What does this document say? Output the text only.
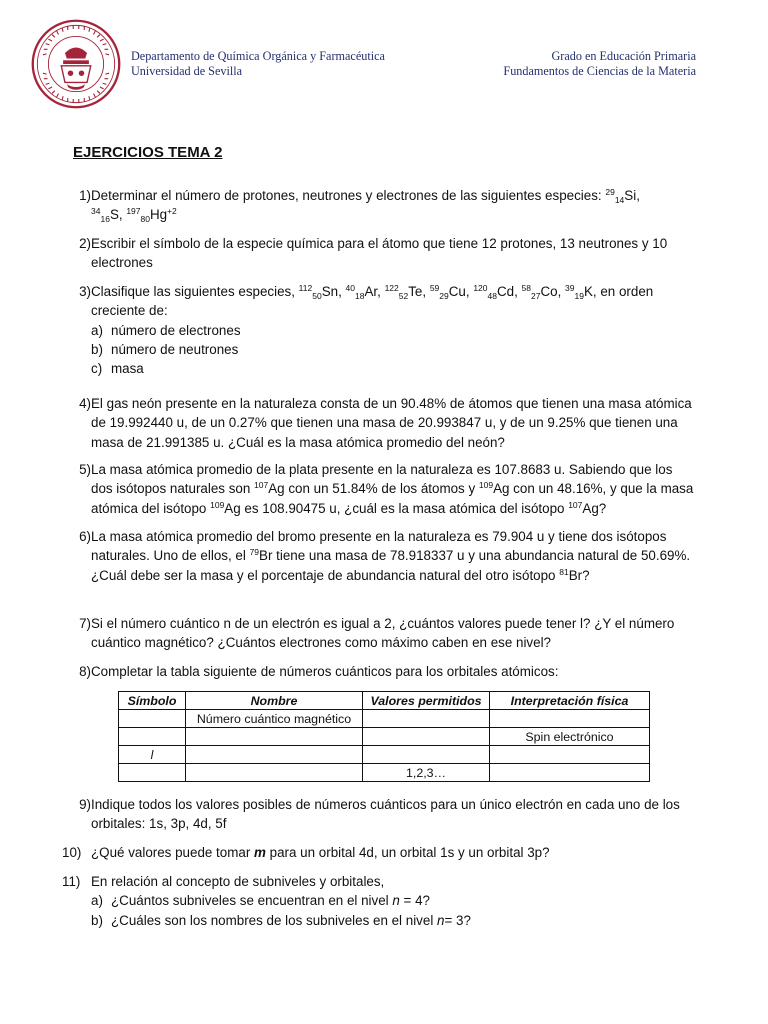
Departamento de Química Orgánica y Farmacéutica
Universidad de Sevilla
Grado en Educación Primaria
Fundamentos de Ciencias de la Materia
EJERCICIOS TEMA 2
1) Determinar el número de protones, neutrones y electrones de las siguientes especies: $^{29}_{14}$Si,
$^{34}_{16}$S, $^{197}_{80}Hg^{+2}$
2) Escribir el símbolo de la especie química para el átomo que tiene 12 protones, 13 neutrones y 10 electrones
3) Clasifique las siguientes especies, $^{112}_{50}$Sn, $^{40}_{18}$Ar, $^{122}_{52}$Te, $^{59}_{29}$Cu, $^{120}_{48}$Cd, $^{58}_{27}$Co, $^{39}_{19}$K, en orden creciente de:
a) número de electrones
b) número de neutrones
c) masa
4) El gas neón presente en la naturaleza consta de un 90.48% de átomos que tienen una masa atómica de 19.992440 u, de un 0.27% que tienen una masa de 20.993847 u, y de un 9.25% que tienen una masa de 21.991385 u. ¿Cuál es la masa atómica promedio del neón?
5) La masa atómica promedio de la plata presente en la naturaleza es 107.8683 u. Sabiendo que los dos isótopos naturales son $^{107}$Ag con un 51.84% de los átomos y $^{109}$Ag con un 48.16%, y que la masa atómica del isótopo $^{109}$Ag es 108.90475 u, ¿cuál es la masa atómica del isótopo $^{107}$Ag?
6) La masa atómica promedio del bromo presente en la naturaleza es 79.904 u y tiene dos isótopos naturales. Uno de ellos, el $^{79}$Br tiene una masa de 78.918337 u y una abundancia natural de 50.69%. ¿Cuál debe ser la masa y el porcentaje de abundancia natural del otro isótopo $^{81}$Br?
7) Si el número cuántico n de un electrón es igual a 2, ¿cuántos valores puede tener l? ¿Y el número cuántico magnético? ¿Cuántos electrones como máximo caben en ese nivel?
8) Completar la tabla siguiente de números cuánticos para los orbitales atómicos:
Símbolo	Nombre	Valores permitidos	Interpretación física
	Número cuántico magnético		
			Spin electrónico
l			
		1,2,3…	
9) Indique todos los valores posibles de números cuánticos para un único electrón en cada uno de los orbitales: 1s, 3p, 4d, 5f
10) ¿Qué valores puede tomar m para un orbital 4d, un orbital 1s y un orbital 3p?
11) En relación al concepto de subniveles y orbitales,
a) ¿Cuántos subniveles se encuentran en el nivel n = 4?
b) ¿Cuáles son los nombres de los subniveles en el nivel n= 3?
